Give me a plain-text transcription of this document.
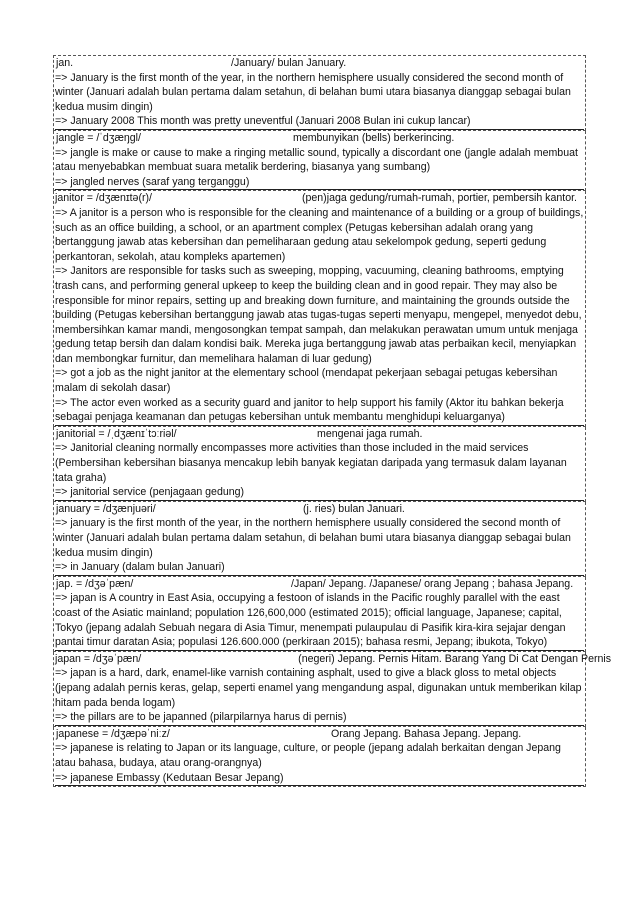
jan.	/January/ bulan January.
=> January is the first month of the year, in the northern hemisphere usually considered the second month of winter (Januari adalah bulan pertama dalam setahun, di belahan bumi utara biasanya dianggap sebagai bulan kedua musim dingin)
=> January 2008 This month was pretty uneventful (Januari 2008 Bulan ini cukup lancar)
jangle = /ˈdʒæŋɡl/	membunyikan (bells) berkerincing.
=> jangle is make or cause to make a ringing metallic sound, typically a discordant one (jangle adalah membuat atau menyebabkan membuat suara metalik berdering, biasanya yang sumbang)
=> jangled nerves (saraf yang terganggu)
janitor = /dʒænɪtə(r)/	(pen)jaga gedung/rumah-rumah, portier, pembersih kantor.
=> A janitor is a person who is responsible for the cleaning and maintenance of a building or a group of buildings, such as an office building, a school, or an apartment complex (Petugas kebersihan adalah orang yang bertanggung jawab atas kebersihan dan pemeliharaan gedung atau sekelompok gedung, seperti gedung perkantoran, sekolah, atau kompleks apartemen)
=> Janitors are responsible for tasks such as sweeping, mopping, vacuuming, cleaning bathrooms, emptying trash cans, and performing general upkeep to keep the building clean and in good repair. They may also be responsible for minor repairs, setting up and breaking down furniture, and maintaining the grounds outside the building (Petugas kebersihan bertanggung jawab atas tugas-tugas seperti menyapu, mengepel, menyedot debu, membersihkan kamar mandi, mengosongkan tempat sampah, dan melakukan perawatan umum untuk menjaga gedung tetap bersih dan dalam kondisi baik. Mereka juga bertanggung jawab atas perbaikan kecil, menyiapkan dan membongkar furnitur, dan memelihara halaman di luar gedung)
=> got a job as the night janitor at the elementary school (mendapat pekerjaan sebagai petugas kebersihan malam di sekolah dasar)
=> The actor even worked as a security guard and janitor to help support his family (Aktor itu bahkan bekerja sebagai penjaga keamanan dan petugas kebersihan untuk membantu menghidupi keluarganya)
janitorial = /ˌdʒænɪˈtɔːriəl/	mengenai jaga rumah.
=> Janitorial cleaning normally encompasses more activities than those included in the maid services (Pembersihan kebersihan biasanya mencakup lebih banyak kegiatan daripada yang termasuk dalam layanan tata graha)
=> janitorial service (penjagaan gedung)
january = /dʒænjuəri/	(j. ries) bulan Januari.
=> january is the first month of the year, in the northern hemisphere usually considered the second month of winter (Januari adalah bulan pertama dalam setahun, di belahan bumi utara biasanya dianggap sebagai bulan kedua musim dingin)
=> in January (dalam bulan Januari)
jap. = /dʒəˈpæn/	/Japan/ Jepang. /Japanese/ orang Jepang ; bahasa Jepang.
=> japan is A country in East Asia, occupying a festoon of islands in the Pacific roughly parallel with the east coast of the Asiatic mainland; population 126,600,000 (estimated 2015); official language, Japanese; capital, Tokyo (jepang adalah Sebuah negara di Asia Timur, menempati pulaupulau di Pasifik kira-kira sejajar dengan pantai timur daratan Asia; populasi 126.600.000 (perkiraan 2015); bahasa resmi, Jepang; ibukota, Tokyo)
japan = /dʒəˈpæn/	(negeri) Jepang. Pernis Hitam. Barang Yang Di Cat Dengan Pernis
=> japan is a hard, dark, enamel-like varnish containing asphalt, used to give a black gloss to metal objects (jepang adalah pernis keras, gelap, seperti enamel yang mengandung aspal, digunakan untuk memberikan kilap hitam pada benda logam)
=> the pillars are to be japanned (pilarpilarnya harus di pernis)
japanese = /dʒæpəˈniːz/	Orang Jepang. Bahasa Jepang. Jepang.
=> japanese is relating to Japan or its language, culture, or people (jepang adalah berkaitan dengan Jepang atau bahasa, budaya, atau orang-orangnya)
=> japanese Embassy (Kedutaan Besar Jepang)
